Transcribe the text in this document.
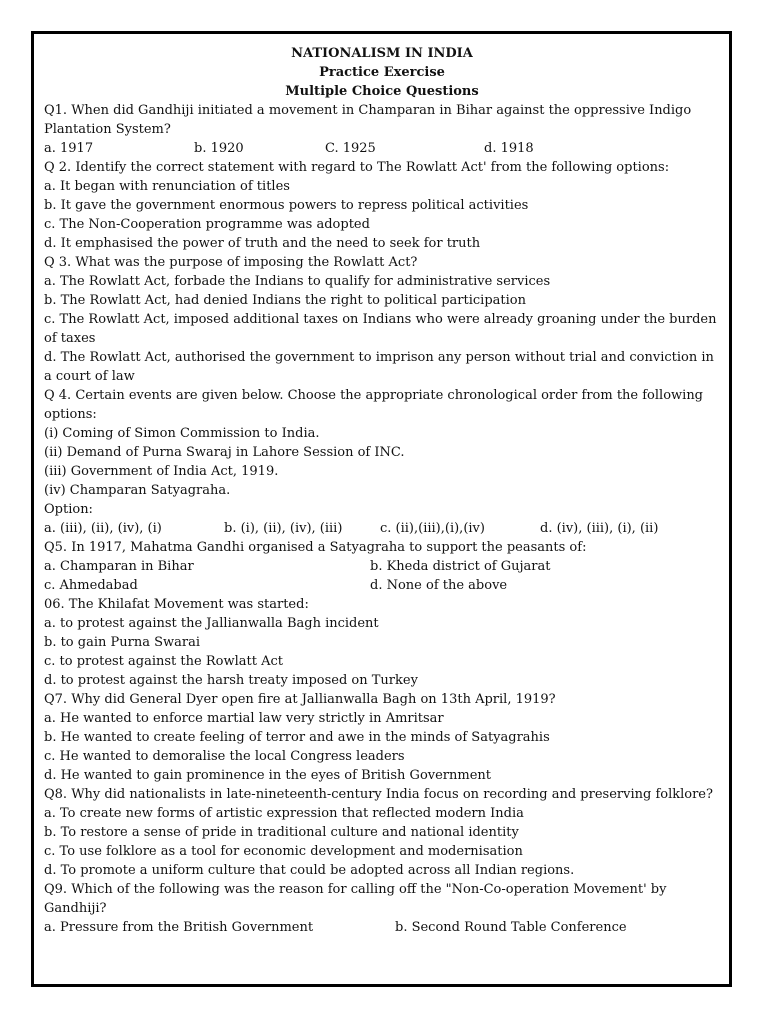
NATIONALISM IN INDIA

Practice Exercise

Multiple Choice Questions

Q1. When did Gandhiji initiated a movement in Champaran in Bihar against the oppressive Indigo Plantation System?

a. 1917	b. 1920	C. 1925	d. 1918

Q 2. Identify the correct statement with regard to The Rowlatt Act' from the following options:

a. It began with renunciation of titles

b. It gave the government enormous powers to repress political activities

c. The Non-Cooperation programme was adopted

d. It emphasised the power of truth and the need to seek for truth

Q 3. What was the purpose of imposing the Rowlatt Act?

a. The Rowlatt Act, forbade the Indians to qualify for administrative services

b. The Rowlatt Act, had denied Indians the right to political participation

c. The Rowlatt Act, imposed additional taxes on Indians who were already groaning under the burden of taxes

d. The Rowlatt Act, authorised the government to imprison any person without trial and conviction in a court of law

Q 4. Certain events are given below. Choose the appropriate chronological order from the following options:

(i) Coming of Simon Commission to India.

(ii) Demand of Purna Swaraj in Lahore Session of INC.

(iii) Government of India Act, 1919.

(iv) Champaran Satyagraha.

Option:

a. (iii), (ii), (iv), (i)	b. (i), (ii), (iv), (iii)	c. (ii),(iii),(i),(iv)	d. (iv), (iii), (i), (ii)

Q5. In 1917, Mahatma Gandhi organised a Satyagraha to support the peasants of:

a. Champaran in Bihar	b. Kheda district of Gujarat
c. Ahmedabad	d. None of the above

06. The Khilafat Movement was started:

a. to protest against the Jallianwalla Bagh incident

b. to gain Purna Swarai

c. to protest against the Rowlatt Act

d. to protest against the harsh treaty imposed on Turkey

Q7. Why did General Dyer open fire at Jallianwalla Bagh on 13th April, 1919?

a. He wanted to enforce martial law very strictly in Amritsar

b. He wanted to create feeling of terror and awe in the minds of Satyagrahis

c. He wanted to demoralise the local Congress leaders

d. He wanted to gain prominence in the eyes of British Government

Q8. Why did nationalists in late-nineteenth-century India focus on recording and preserving folklore?

a. To create new forms of artistic expression that reflected modern India

b. To restore a sense of pride in traditional culture and national identity

c. To use folklore as a tool for economic development and modernisation

d. To promote a uniform culture that could be adopted across all Indian regions.

Q9. Which of the following was the reason for calling off the "Non-Co-operation Movement' by Gandhiji?

a. Pressure from the British Government	b. Second Round Table Conference
